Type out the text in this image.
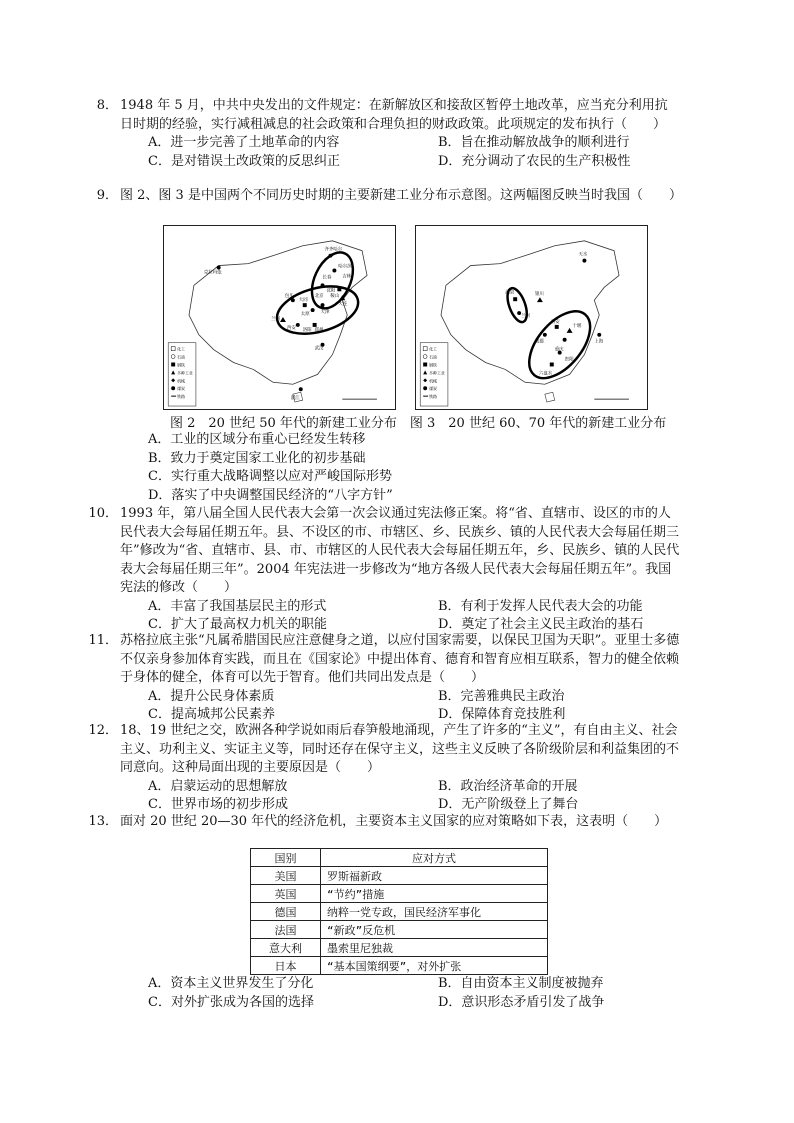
8． 1948 年 5 月，中共中央发出的文件规定：在新解放区和接敌区暂停土地改革，应当充分利用抗日时期的经验，实行减租减息的社会政策和合理负担的财政政策。此项规定的发布执行（　　）
A．进一步完善了土地革命的内容	B．旨在推动解放战争的顺利进行
C．是对错误土改政策的反思纠正	D．充分调动了农民的生产积极性
9． 图 2、图 3 是中国两个不同历史时期的主要新建工业分布示意图。这两幅图反映当时我国（　　）
克拉玛依
齐齐哈尔
哈尔滨
吉林
长春
沈阳
鞍山
大连
包头
大同
太原
北京
天津
兰州
西安 洛阳 郑州
武汉
湛江
化工
石油
钢铁
多种工业
机械
煤炭
铁路
天水
酒泉
兰州
银川
成都
西安
重庆
贵阳
六盘水
十堰
上海
化工
石油
钢铁
多种工业
机械
煤炭
铁路
图 2　20 世纪 50 年代的新建工业分布　图 3　20 世纪 60、70 年代的新建工业分布
A．工业的区域分布重心已经发生转移
B．致力于奠定国家工业化的初步基础
C．实行重大战略调整以应对严峻国际形势
D．落实了中央调整国民经济的“八字方针”
10． 1993 年，第八届全国人民代表大会第一次会议通过宪法修正案。将“省、直辖市、设区的市的人民代表大会每届任期五年。县、不设区的市、市辖区、乡、民族乡、镇的人民代表大会每届任期三年”修改为“省、直辖市、县、市、市辖区的人民代表大会每届任期五年，乡、民族乡、镇的人民代表大会每届任期三年”。2004 年宪法进一步修改为“地方各级人民代表大会每届任期五年”。我国宪法的修改（　　）
A．丰富了我国基层民主的形式	B．有利于发挥人民代表大会的功能
C．扩大了最高权力机关的职能	D．奠定了社会主义民主政治的基石
11． 苏格拉底主张“凡属希腊国民应注意健身之道，以应付国家需要，以保民卫国为天职”。亚里士多德不仅亲身参加体育实践，而且在《国家论》中提出体育、德育和智育应相互联系，智力的健全依赖于身体的健全，体育可以先于智育。他们共同出发点是（　　）
A．提升公民身体素质	B．完善雅典民主政治
C．提高城邦公民素养	D．保障体育竞技胜利
12． 18、19 世纪之交，欧洲各种学说如雨后春笋般地涌现，产生了许多的“主义”，有自由主义、社会主义、功利主义、实证主义等，同时还存在保守主义，这些主义反映了各阶级阶层和利益集团的不同意向。这种局面出现的主要原因是（　　）
A．启蒙运动的思想解放	B．政治经济革命的开展
C．世界市场的初步形成	D．无产阶级登上了舞台
13． 面对 20 世纪 20—30 年代的经济危机，主要资本主义国家的应对策略如下表，这表明（　　）
国别	应对方式
美国	罗斯福新政
英国	“节约”措施
德国	纳粹一党专政，国民经济军事化
法国	“新政”反危机
意大利	墨索里尼独裁
日本	“基本国策纲要”，对外扩张
A．资本主义世界发生了分化	B．自由资本主义制度被抛弃
C．对外扩张成为各国的选择	D．意识形态矛盾引发了战争
